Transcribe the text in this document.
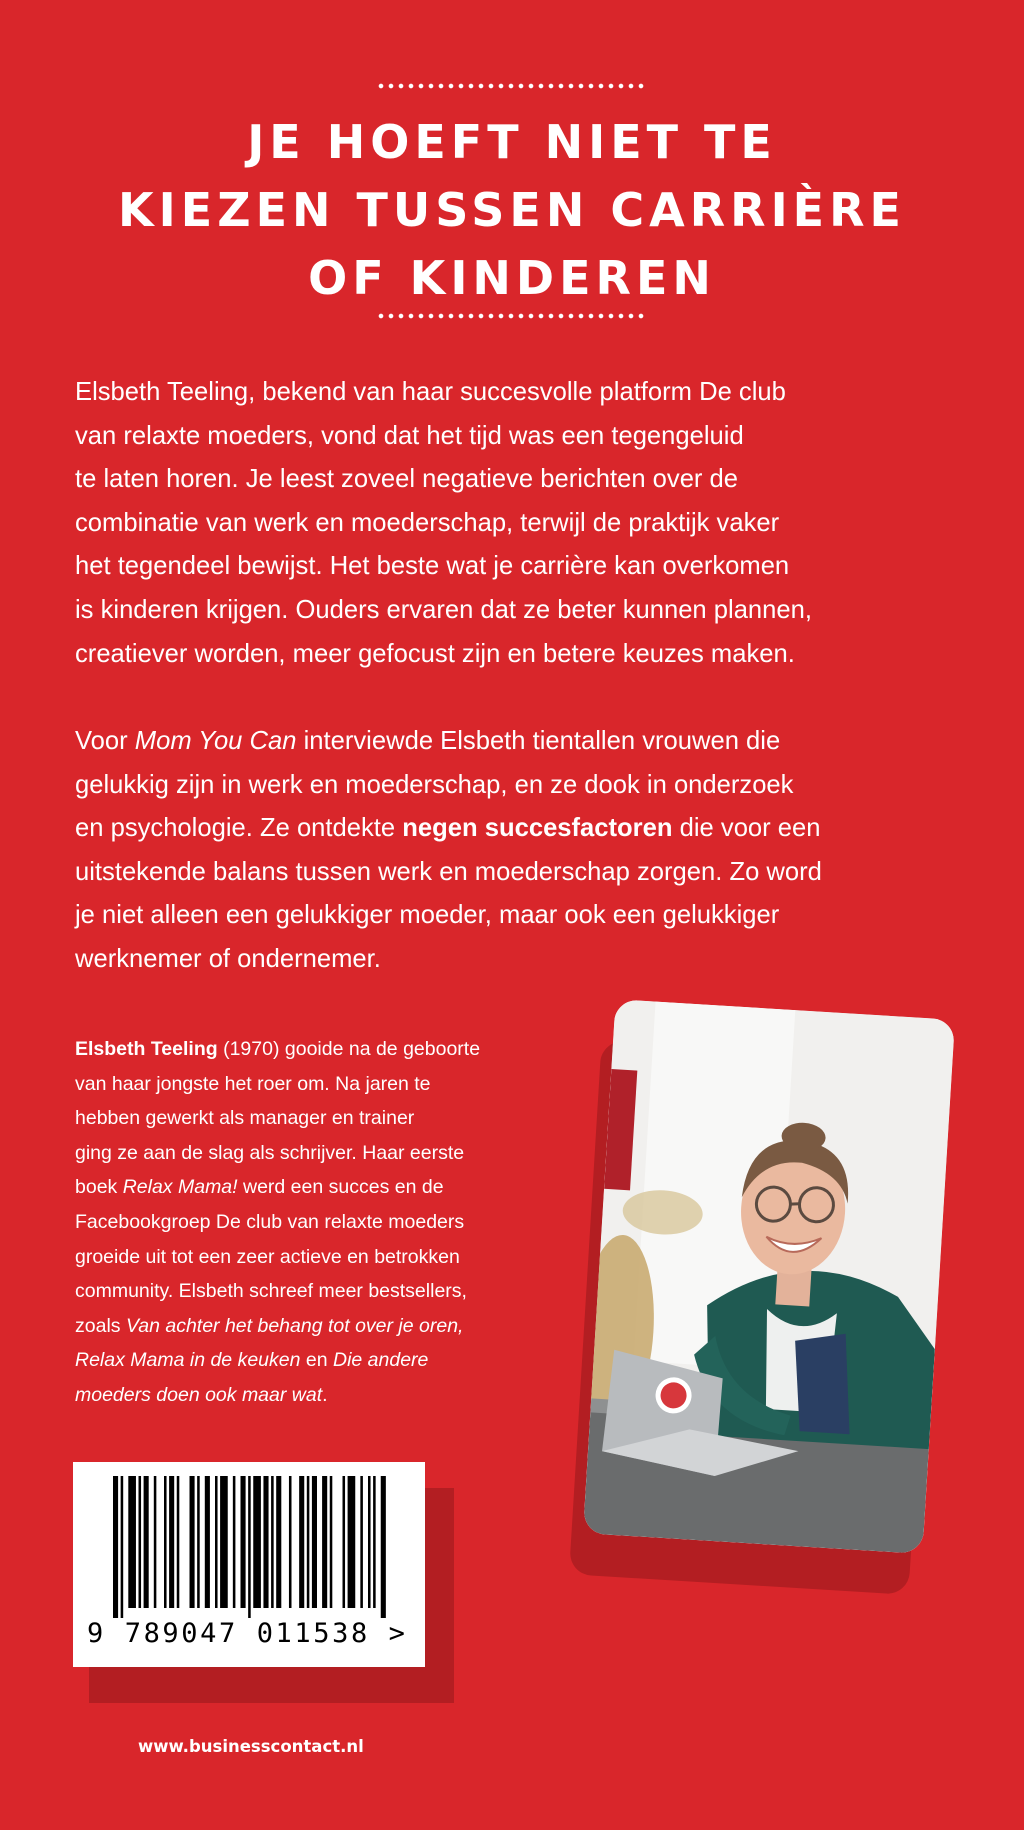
JE HOEFT NIET TE
KIEZEN TUSSEN CARRIÈRE
OF KINDEREN

Elsbeth Teeling, bekend van haar succesvolle platform De club
van relaxte moeders, vond dat het tijd was een tegengeluid
te laten horen. Je leest zoveel negatieve berichten over de
combinatie van werk en moederschap, terwijl de praktijk vaker
het tegendeel bewijst. Het beste wat je carrière kan overkomen
is kinderen krijgen. Ouders ervaren dat ze beter kunnen plannen,
creatiever worden, meer gefocust zijn en betere keuzes maken.

Voor Mom You Can interviewde Elsbeth tientallen vrouwen die
gelukkig zijn in werk en moederschap, en ze dook in onderzoek
en psychologie. Ze ontdekte negen succesfactoren die voor een
uitstekende balans tussen werk en moederschap zorgen. Zo word
je niet alleen een gelukkiger moeder, maar ook een gelukkiger
werknemer of ondernemer.

Elsbeth Teeling (1970) gooide na de geboorte
van haar jongste het roer om. Na jaren te
hebben gewerkt als manager en trainer
ging ze aan de slag als schrijver. Haar eerste
boek Relax Mama! werd een succes en de
Facebookgroep De club van relaxte moeders
groeide uit tot een zeer actieve en betrokken
community. Elsbeth schreef meer bestsellers,
zoals Van achter het behang tot over je oren,
Relax Mama in de keuken en Die andere
moeders doen ook maar wat.

9 789047 011538 >
www.businesscontact.nl
